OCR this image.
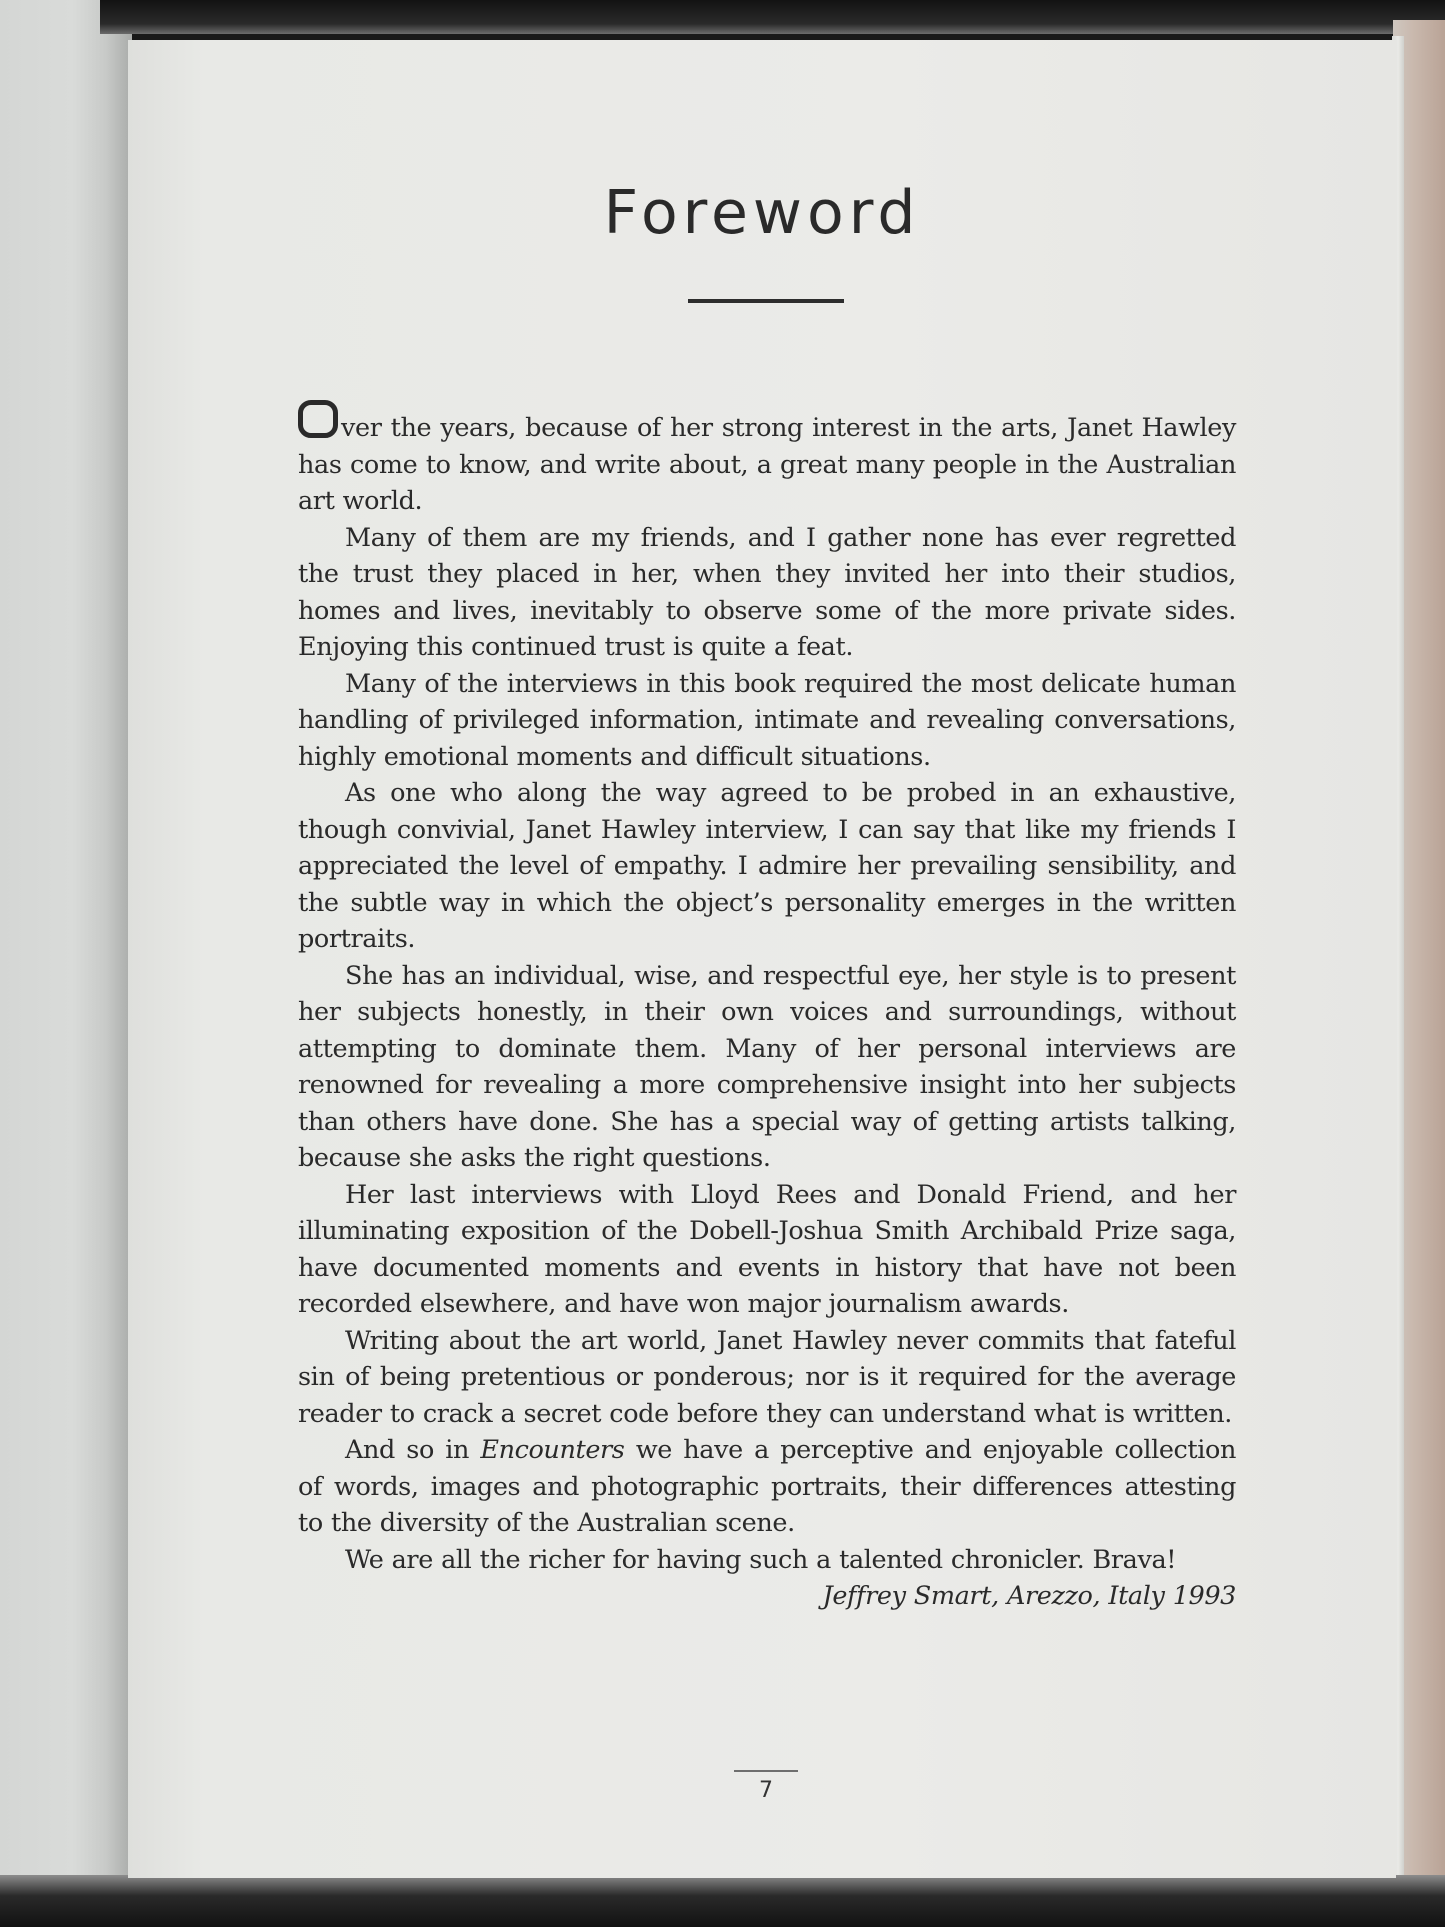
Foreword

ver the years, because of her strong interest in the arts, Janet Hawley has come to know, and write about, a great many people in the Australian art world.

Many of them are my friends, and I gather none has ever regretted the trust they placed in her, when they invited her into their studios, homes and lives, inevitably to observe some of the more private sides. Enjoying this continued trust is quite a feat.

Many of the interviews in this book required the most delicate human handling of privileged information, intimate and revealing conversations, highly emotional moments and difficult situations.

As one who along the way agreed to be probed in an exhaustive, though convivial, Janet Hawley interview, I can say that like my friends I appreciated the level of empathy. I admire her prevailing sensibility, and the subtle way in which the object’s personality emerges in the written portraits.

She has an individual, wise, and respectful eye, her style is to present her subjects honestly, in their own voices and surroundings, without attempting to dominate them. Many of her personal interviews are renowned for revealing a more comprehensive insight into her subjects than others have done. She has a special way of getting artists talking, because she asks the right questions.

Her last interviews with Lloyd Rees and Donald Friend, and her illuminating exposition of the Dobell-Joshua Smith Archibald Prize saga, have documented moments and events in history that have not been recorded elsewhere, and have won major journalism awards.

Writing about the art world, Janet Hawley never commits that fateful sin of being pretentious or ponderous; nor is it required for the average reader to crack a secret code before they can understand what is written.

And so in Encounters we have a perceptive and enjoyable collection of words, images and photographic portraits, their differences attesting to the diversity of the Australian scene.

We are all the richer for having such a talented chronicler. Brava!

Jeffrey Smart, Arezzo, Italy 1993

7
